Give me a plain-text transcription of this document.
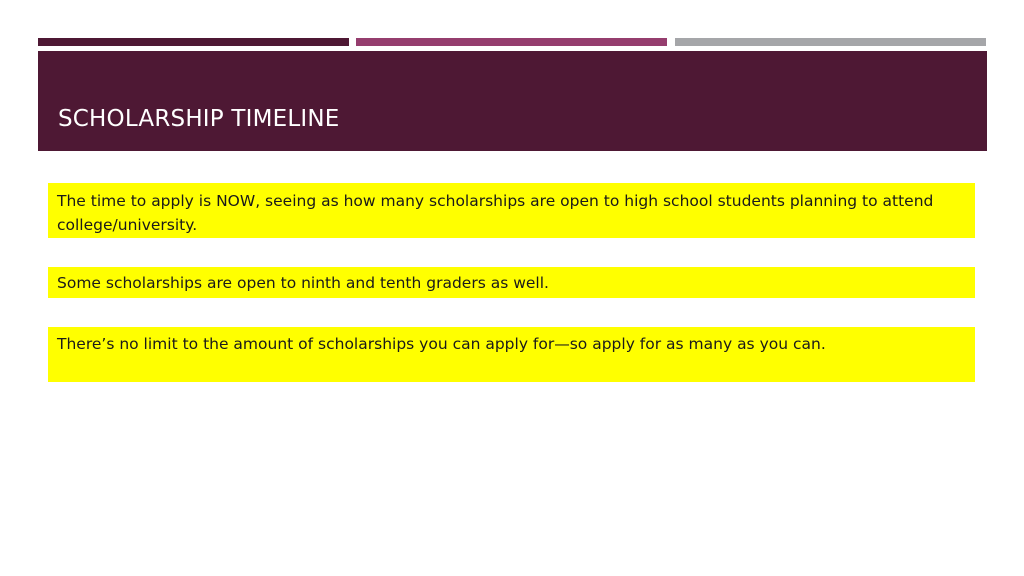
SCHOLARSHIP TIMELINE
The time to apply is NOW, seeing as how many scholarships are open to high school students planning to attend college/university.
Some scholarships are open to ninth and tenth graders as well.
There’s no limit to the amount of scholarships you can apply for—so apply for as many as you can.
